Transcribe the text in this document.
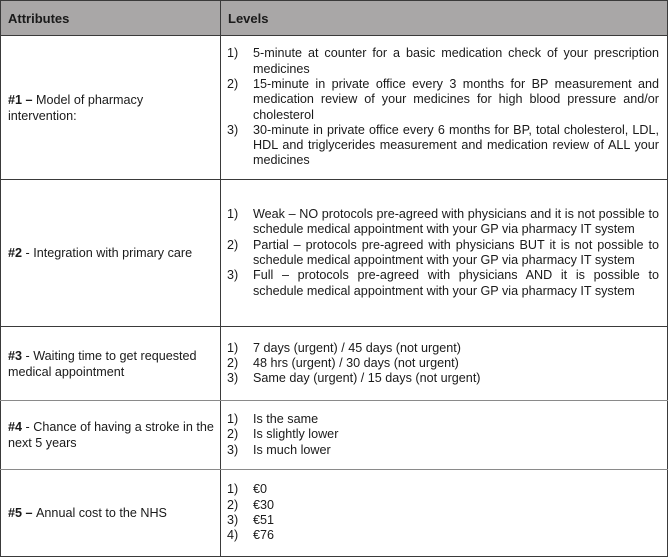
Attributes	Levels
#1 – Model of pharmacy intervention:	
1)	5-minute at counter for a basic medication check of your prescription medicines
2)	15-minute in private office every 3 months for BP measurement and medication review of your medicines for high blood pressure and/or cholesterol
3)	30-minute in private office every 6 months for BP, total cholesterol, LDL, HDL and triglycerides measurement and medication review of ALL your medicines

#2 - Integration with primary care	
1)	Weak – NO protocols pre-agreed with physicians and it is not possible to schedule medical appointment with your GP via pharmacy IT system
2)	Partial – protocols pre-agreed with physicians BUT it is not possible to schedule medical appointment with your GP via pharmacy IT system
3)	Full – protocols pre-agreed with physicians AND it is possible to schedule medical appointment with your GP via pharmacy IT system

#3 - Waiting time to get requested medical appointment	
1)	7 days (urgent) / 45 days (not urgent)
2)	48 hrs (urgent) / 30 days (not urgent)
3)	Same day (urgent) / 15 days (not urgent)

#4 - Chance of having a stroke in the next 5 years	
1)	Is the same
2)	Is slightly lower
3)	Is much lower

#5 – Annual cost to the NHS	
1)	€0
2)	€30
3)	€51
4)	€76
